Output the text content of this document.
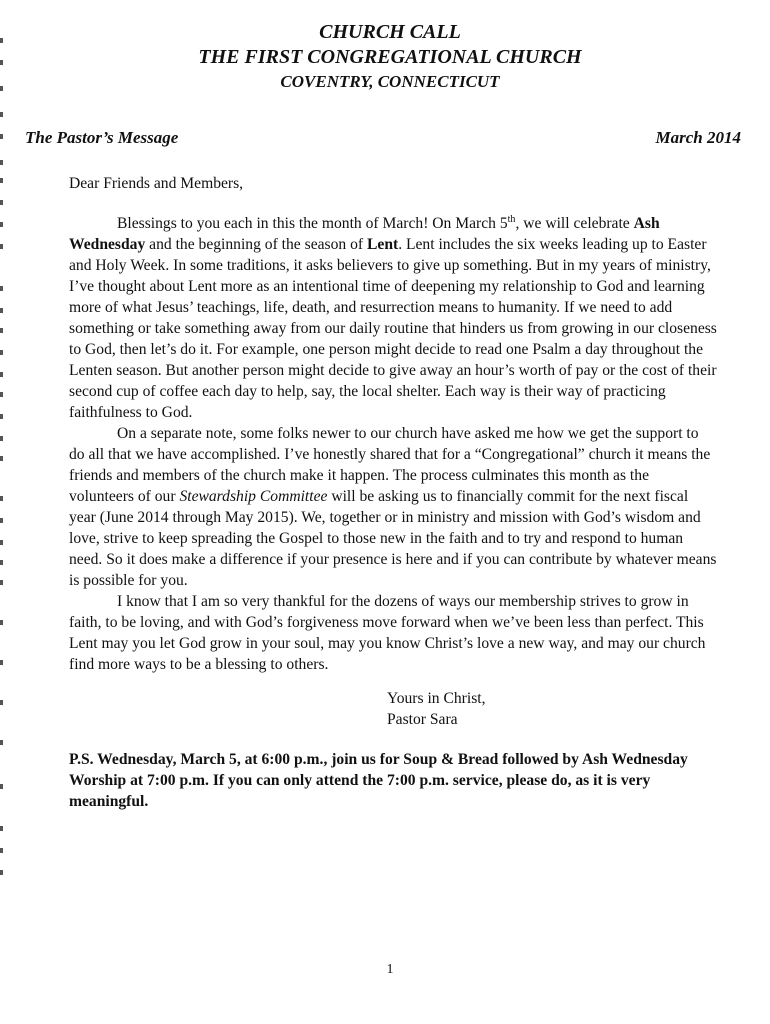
CHURCH CALL
THE FIRST CONGREGATIONAL CHURCH
COVENTRY, CONNECTICUT
The Pastor’s Message	March 2014
Dear Friends and Members,

Blessings to you each in this the month of March! On March 5th, we will celebrate Ash Wednesday and the beginning of the season of Lent. Lent includes the six weeks leading up to Easter and Holy Week. In some traditions, it asks believers to give up something. But in my years of ministry, I’ve thought about Lent more as an intentional time of deepening my relationship to God and learning more of what Jesus’ teachings, life, death, and resurrection means to humanity. If we need to add something or take something away from our daily routine that hinders us from growing in our closeness to God, then let’s do it. For example, one person might decide to read one Psalm a day throughout the Lenten season. But another person might decide to give away an hour’s worth of pay or the cost of their second cup of coffee each day to help, say, the local shelter. Each way is their way of practicing faithfulness to God.

On a separate note, some folks newer to our church have asked me how we get the support to do all that we have accomplished. I’ve honestly shared that for a “Congregational” church it means the friends and members of the church make it happen. The process culminates this month as the volunteers of our Stewardship Committee will be asking us to financially commit for the next fiscal year (June 2014 through May 2015). We, together or in ministry and mission with God’s wisdom and love, strive to keep spreading the Gospel to those new in the faith and to try and respond to human need. So it does make a difference if your presence is here and if you can contribute by whatever means is possible for you.

I know that I am so very thankful for the dozens of ways our membership strives to grow in faith, to be loving, and with God’s forgiveness move forward when we’ve been less than perfect. This Lent may you let God grow in your soul, may you know Christ’s love a new way, and may our church find more ways to be a blessing to others.

Yours in Christ,
Pastor Sara
P.S. Wednesday, March 5, at 6:00 p.m., join us for Soup & Bread followed by Ash Wednesday Worship at 7:00 p.m. If you can only attend the 7:00 p.m. service, please do, as it is very meaningful.
1
